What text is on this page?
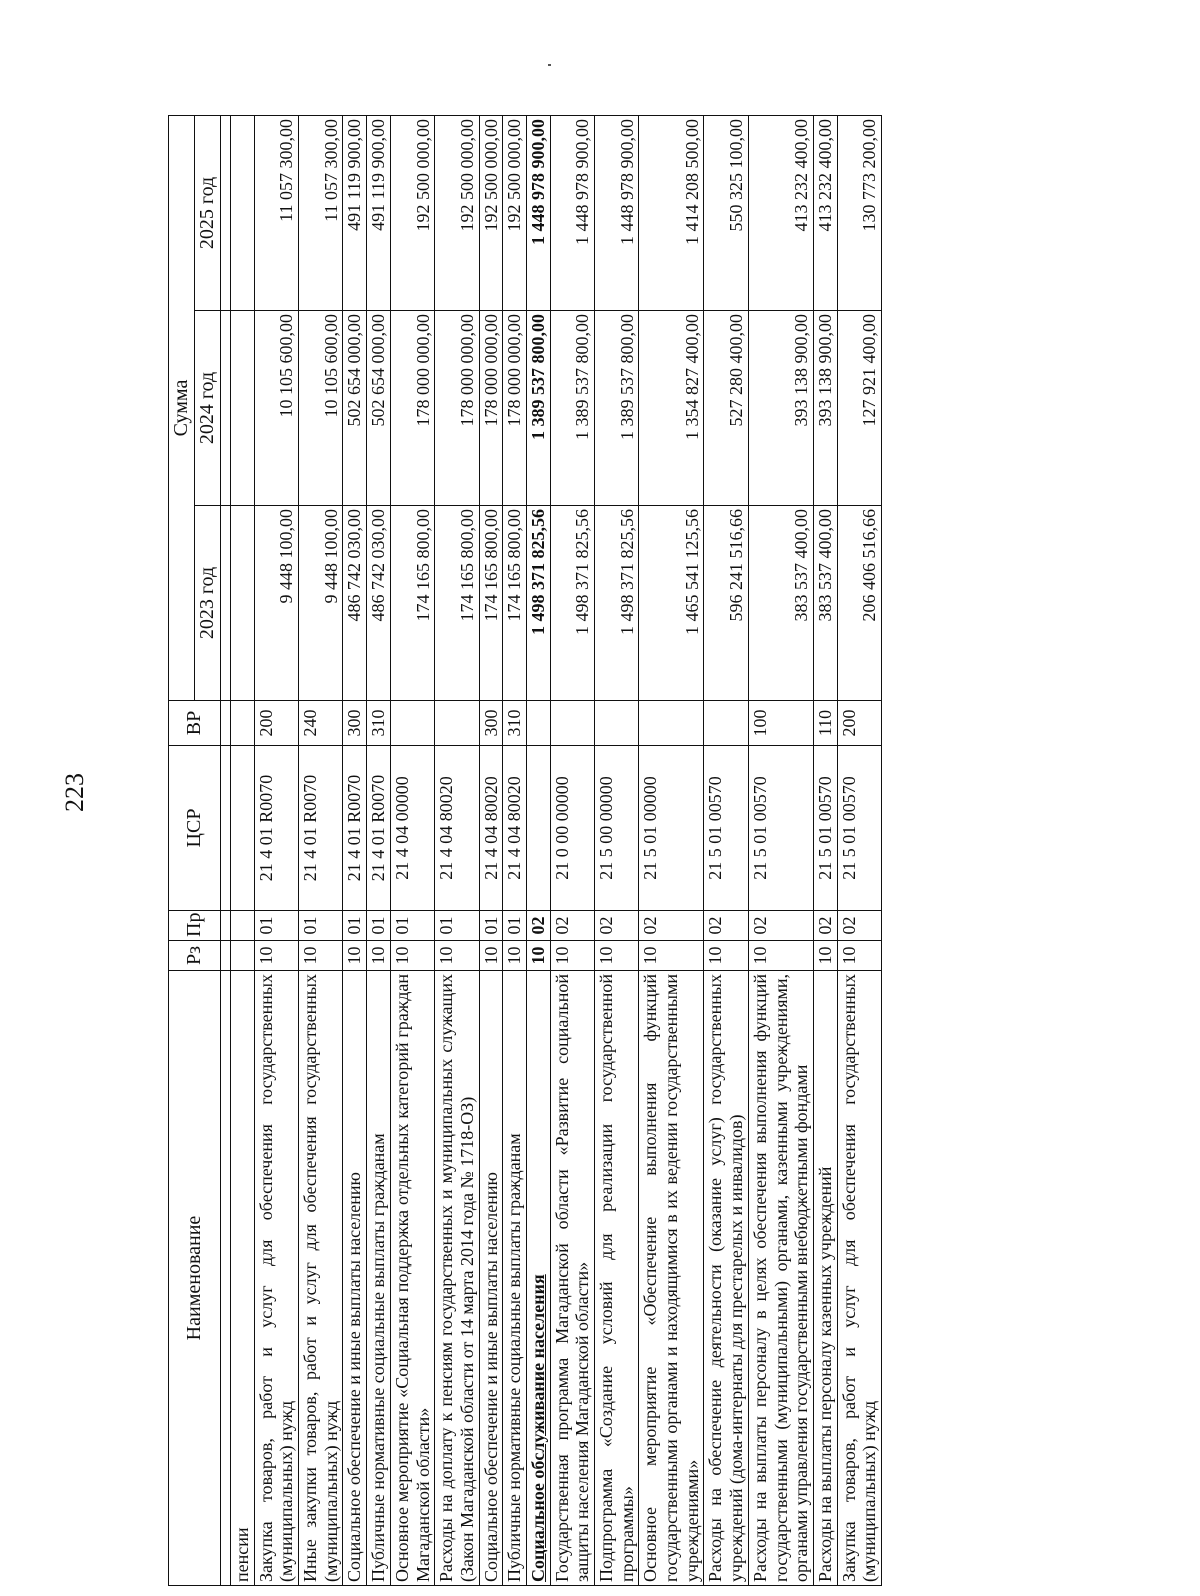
223
Наименование	Рз	Пр	ЦСР	ВР	Сумма		
					2023 год	2024 год	2025 год

пенсии							
Закупка товаров, работ и услуг для обеспечения государственных (муниципальных) нужд	10	01	21 4 01 R0070	200	9 448 100,00	10 105 600,00	11 057 300,00
Иные закупки товаров, работ и услуг для обеспечения государственных (муниципальных) нужд	10	01	21 4 01 R0070	240	9 448 100,00	10 105 600,00	11 057 300,00
Социальное обеспечение и иные выплаты населению	10	01	21 4 01 R0070	300	486 742 030,00	502 654 000,00	491 119 900,00
Публичные нормативные социальные выплаты гражданам	10	01	21 4 01 R0070	310	486 742 030,00	502 654 000,00	491 119 900,00
Основное мероприятие «Социальная поддержка отдельных категорий граждан Магаданской области»	10	01	21 4 04 00000		174 165 800,00	178 000 000,00	192 500 000,00
Расходы на доплату к пенсиям государственных и муниципальных служащих (Закон Магаданской области от 14 марта 2014 года № 1718-ОЗ)	10	01	21 4 04 80020		174 165 800,00	178 000 000,00	192 500 000,00
Социальное обеспечение и иные выплаты населению	10	01	21 4 04 80020	300	174 165 800,00	178 000 000,00	192 500 000,00
Публичные нормативные социальные выплаты гражданам	10	01	21 4 04 80020	310	174 165 800,00	178 000 000,00	192 500 000,00
Социальное обслуживание населения	10	02			1 498 371 825,56	1 389 537 800,00	1 448 978 900,00
Государственная программа Магаданской области «Развитие социальной защиты населения Магаданской области»	10	02	21 0 00 00000		1 498 371 825,56	1 389 537 800,00	1 448 978 900,00
Подпрограмма «Создание условий для реализации государственной программы»	10	02	21 5 00 00000		1 498 371 825,56	1 389 537 800,00	1 448 978 900,00
Основное мероприятие «Обеспечение выполнения функций государственными органами и находящимися в их ведении государственными учреждениями»	10	02	21 5 01 00000		1 465 541 125,56	1 354 827 400,00	1 414 208 500,00
Расходы на обеспечение деятельности (оказание услуг) государственных учреждений (дома-интернаты для престарелых и инвалидов)	10	02	21 5 01 00570		596 241 516,66	527 280 400,00	550 325 100,00
Расходы на выплаты персоналу в целях обеспечения выполнения функций государственными (муниципальными) органами, казенными учреждениями, органами управления государственными внебюджетными фондами	10	02	21 5 01 00570	100	383 537 400,00	393 138 900,00	413 232 400,00
Расходы на выплаты персоналу казенных учреждений	10	02	21 5 01 00570	110	383 537 400,00	393 138 900,00	413 232 400,00
Закупка товаров, работ и услуг для обеспечения государственных (муниципальных) нужд	10	02	21 5 01 00570	200	206 406 516,66	127 921 400,00	130 773 200,00
